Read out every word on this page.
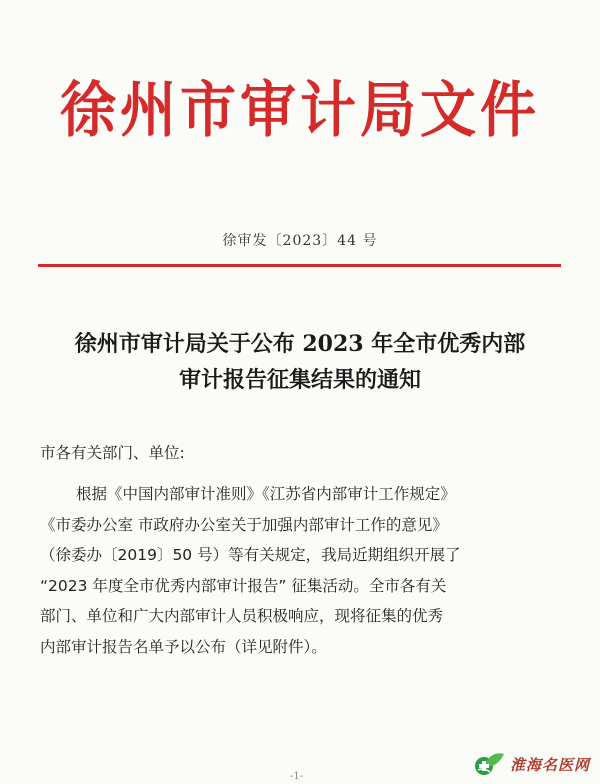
徐州市审计局文件
徐审发〔2023〕44 号
徐州市审计局关于公布 2023 年全市优秀内部
审计报告征集结果的通知
市各有关部门、单位:
根据《中国内部审计准则》《江苏省内部审计工作规定》
《市委办公室 市政府办公室关于加强内部审计工作的意见》
（徐委办〔2019〕50 号）等有关规定，我局近期组织开展了
“2023 年度全市优秀内部审计报告” 征集活动。全市各有关
部门、单位和广大内部审计人员积极响应，现将征集的优秀
内部审计报告名单予以公布（详见附件）。
-1-
淮海名医网
